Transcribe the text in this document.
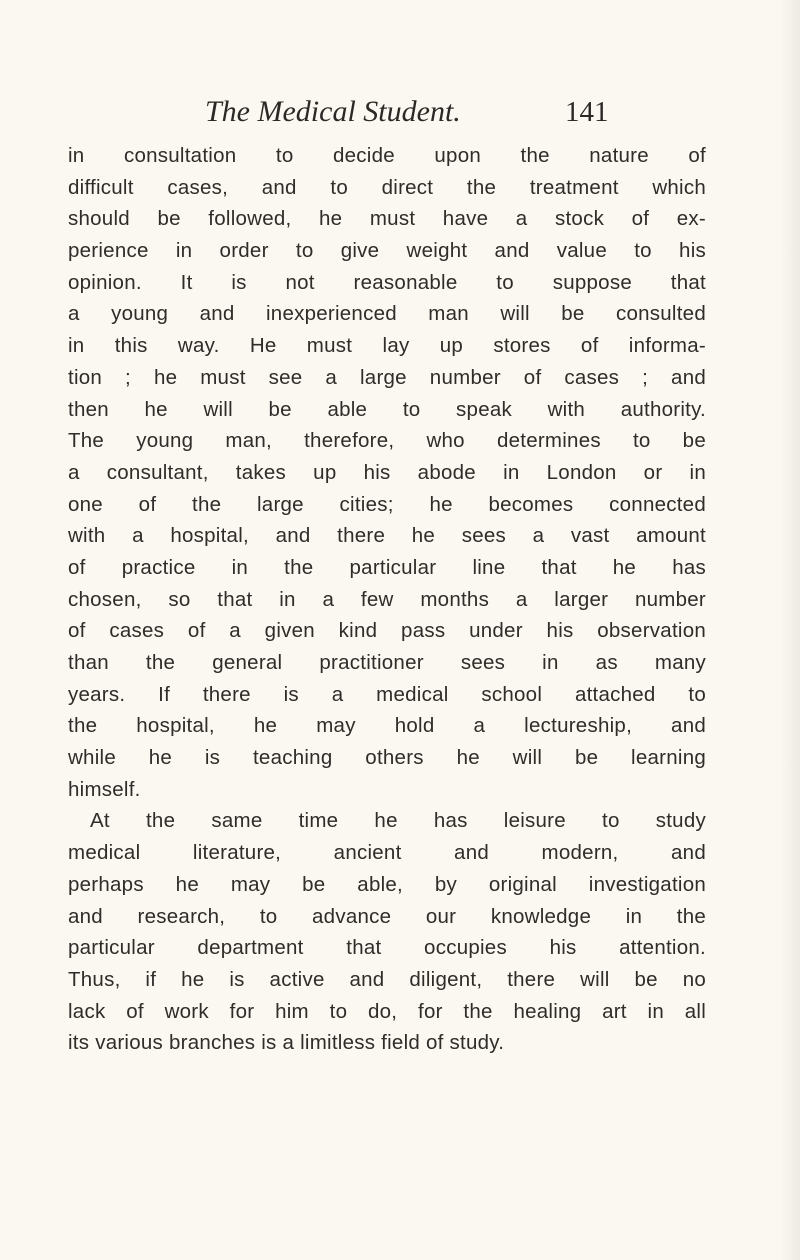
The Medical Student.	141
in consultation to decide upon the nature of
difficult cases, and to direct the treatment which
should be followed, he must have a stock of ex-
perience in order to give weight and value to his
opinion. It is not reasonable to suppose that
a young and inexperienced man will be consulted
in this way. He must lay up stores of informa-
tion ; he must see a large number of cases ; and
then he will be able to speak with authority.
The young man, therefore, who determines to be
a consultant, takes up his abode in London or in
one of the large cities; he becomes connected
with a hospital, and there he sees a vast amount
of practice in the particular line that he has
chosen, so that in a few months a larger number
of cases of a given kind pass under his observation
than the general practitioner sees in as many
years. If there is a medical school attached to
the hospital, he may hold a lectureship, and
while he is teaching others he will be learning
himself.
At the same time he has leisure to study
medical literature, ancient and modern, and
perhaps he may be able, by original investigation
and research, to advance our knowledge in the
particular department that occupies his attention.
Thus, if he is active and diligent, there will be no
lack of work for him to do, for the healing art in all
its various branches is a limitless field of study.
